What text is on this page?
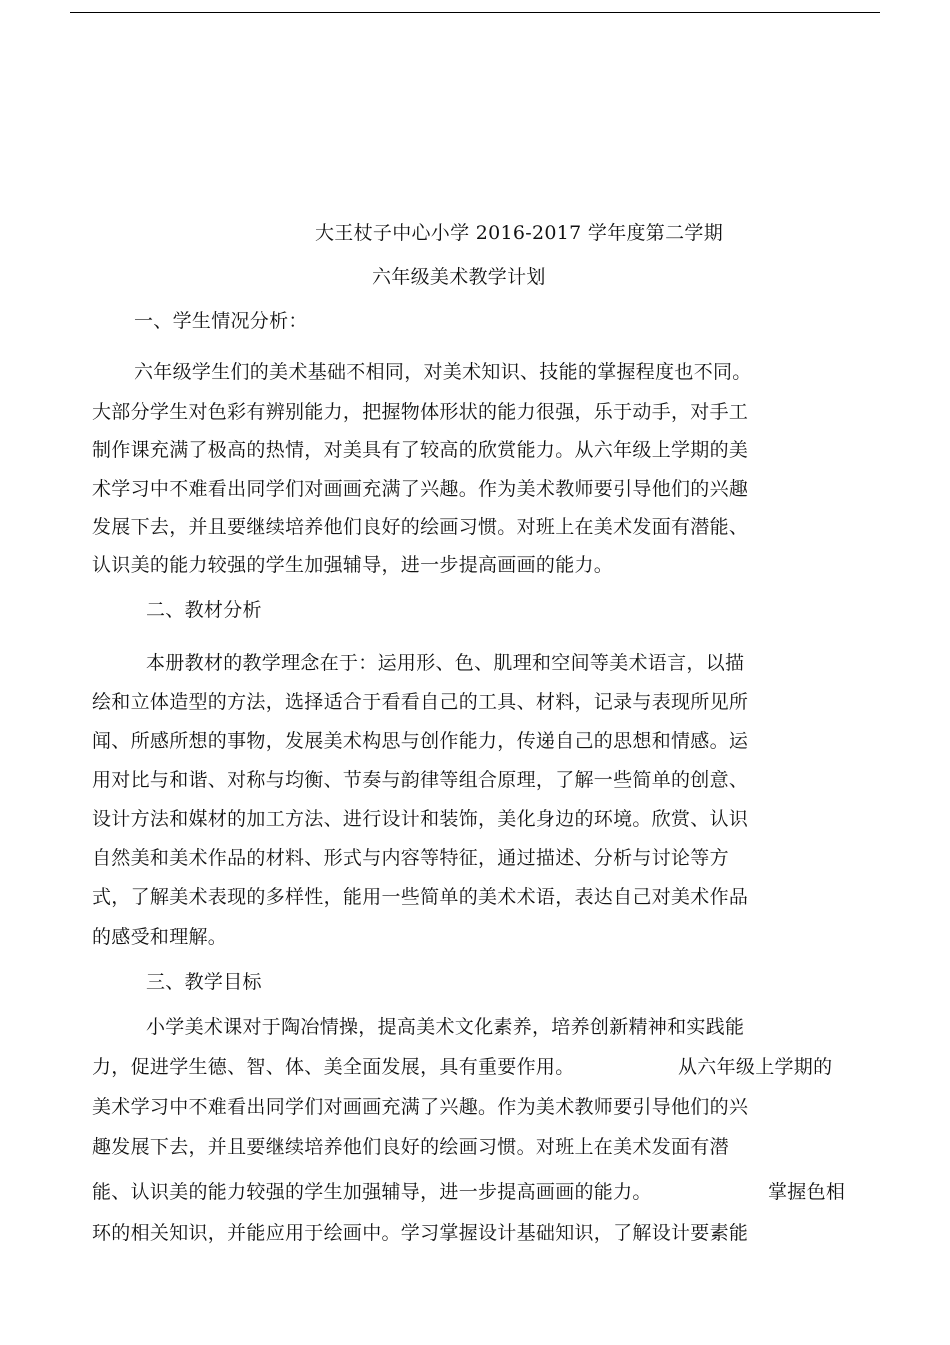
大王杖子中心小学 2016-2017 学年度第二学期
六年级美术教学计划
一、学生情况分析：
六年级学生们的美术基础不相同，对美术知识、技能的掌握程度也不同。
大部分学生对色彩有辨别能力，把握物体形状的能力很强，乐于动手，对手工
制作课充满了极高的热情，对美具有了较高的欣赏能力。从六年级上学期的美
术学习中不难看出同学们对画画充满了兴趣。作为美术教师要引导他们的兴趣
发展下去，并且要继续培养他们良好的绘画习惯。对班上在美术发面有潜能、
认识美的能力较强的学生加强辅导，进一步提高画画的能力。
二、教材分析
本册教材的教学理念在于：运用形、色、肌理和空间等美术语言，以描
绘和立体造型的方法，选择适合于看看自己的工具、材料，记录与表现所见所
闻、所感所想的事物，发展美术构思与创作能力，传递自己的思想和情感。运
用对比与和谐、对称与均衡、节奏与韵律等组合原理，了解一些简单的创意、
设计方法和媒材的加工方法、进行设计和装饰，美化身边的环境。欣赏、认识
自然美和美术作品的材料、形式与内容等特征，通过描述、分析与讨论等方
式，了解美术表现的多样性，能用一些简单的美术术语，表达自己对美术作品
的感受和理解。
三、教学目标
小学美术课对于陶冶情操，提高美术文化素养，培养创新精神和实践能
力，促进学生德、智、体、美全面发展，具有重要作用。	从六年级上学期的
美术学习中不难看出同学们对画画充满了兴趣。作为美术教师要引导他们的兴
趣发展下去，并且要继续培养他们良好的绘画习惯。对班上在美术发面有潜
能、认识美的能力较强的学生加强辅导，进一步提高画画的能力。	掌握色相
环的相关知识，并能应用于绘画中。学习掌握设计基础知识，了解设计要素能
